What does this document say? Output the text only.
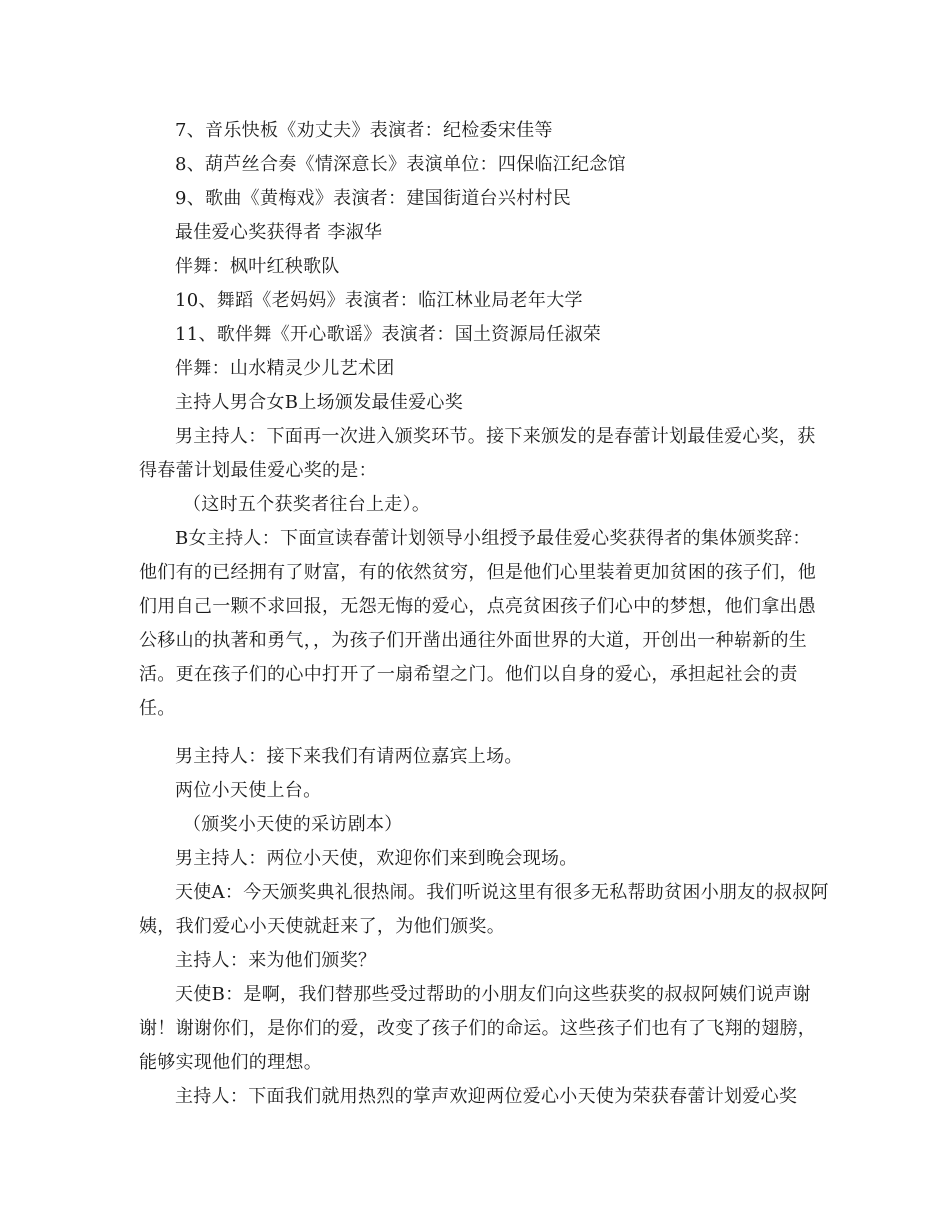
7、音乐快板《劝丈夫》表演者：纪检委宋佳等

8、葫芦丝合奏《情深意长》表演单位：四保临江纪念馆

9、歌曲《黄梅戏》表演者：建国街道台兴村村民

最佳爱心奖获得者 李淑华

伴舞：枫叶红秧歌队

10、舞蹈《老妈妈》表演者：临江林业局老年大学

11、歌伴舞《开心歌谣》表演者：国土资源局任淑荣

伴舞：山水精灵少儿艺术团

主持人男合女B上场颁发最佳爱心奖

男主持人：下面再一次进入颁奖环节。接下来颁发的是春蕾计划最佳爱心奖，获得春蕾计划最佳爱心奖的是：

（这时五个获奖者往台上走）。

B女主持人：下面宣读春蕾计划领导小组授予最佳爱心奖获得者的集体颁奖辞：他们有的已经拥有了财富，有的依然贫穷，但是他们心里装着更加贫困的孩子们，他们用自己一颗不求回报，无怨无悔的爱心，点亮贫困孩子们心中的梦想，他们拿出愚公移山的执著和勇气，，为孩子们开凿出通往外面世界的大道，开创出一种崭新的生活。更在孩子们的心中打开了一扇希望之门。他们以自身的爱心，承担起社会的责任。

男主持人：接下来我们有请两位嘉宾上场。

两位小天使上台。

（颁奖小天使的采访剧本）

男主持人：两位小天使，欢迎你们来到晚会现场。

天使A：今天颁奖典礼很热闹。我们听说这里有很多无私帮助贫困小朋友的叔叔阿姨，我们爱心小天使就赶来了，为他们颁奖。

主持人：来为他们颁奖？

天使B：是啊，我们替那些受过帮助的小朋友们向这些获奖的叔叔阿姨们说声谢谢！谢谢你们，是你们的爱，改变了孩子们的命运。这些孩子们也有了飞翔的翅膀，能够实现他们的理想。

主持人：下面我们就用热烈的掌声欢迎两位爱心小天使为荣获春蕾计划爱心奖
